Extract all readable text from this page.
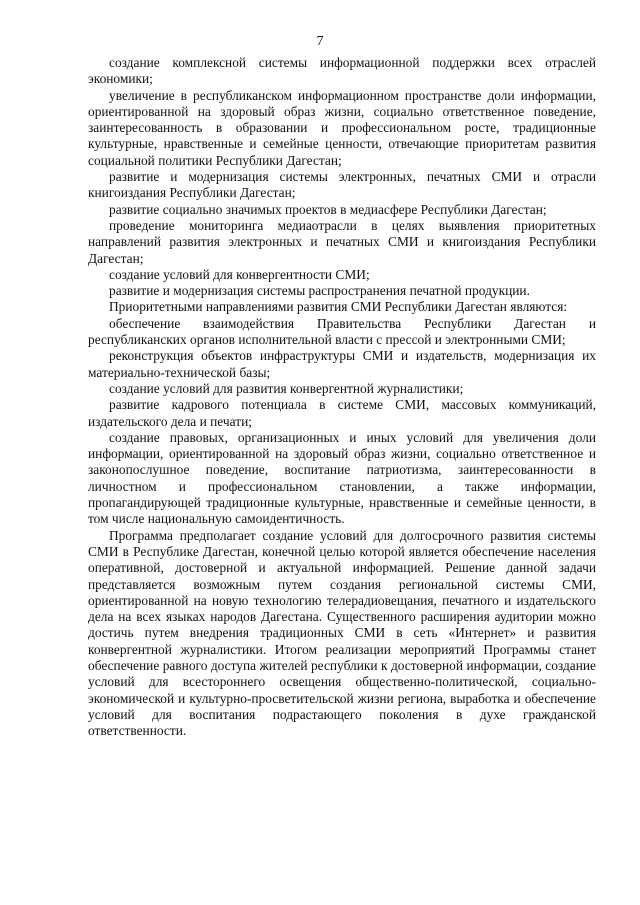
7

создание комплексной системы информационной поддержки всех отраслей экономики;

увеличение в республиканском информационном пространстве доли информации, ориентированной на здоровый образ жизни, социально ответственное поведение, заинтересованность в образовании и профессиональном росте, традиционные культурные, нравственные и семейные ценности, отвечающие приоритетам развития социальной политики Республики Дагестан;

развитие и модернизация системы электронных, печатных СМИ и отрасли книгоиздания Республики Дагестан;

развитие социально значимых проектов в медиасфере Республики Дагестан;

проведение мониторинга медиаотрасли в целях выявления приоритетных направлений развития электронных и печатных СМИ и книгоиздания Республики Дагестан;

создание условий для конвергентности СМИ;

развитие и модернизация системы распространения печатной продукции.

Приоритетными направлениями развития СМИ Республики Дагестан являются:

обеспечение взаимодействия Правительства Республики Дагестан и республиканских органов исполнительной власти с прессой и электронными СМИ;

реконструкция объектов инфраструктуры СМИ и издательств, модернизация их материально-технической базы;

создание условий для развития конвергентной журналистики;

развитие кадрового потенциала в системе СМИ, массовых коммуникаций, издательского дела и печати;

создание правовых, организационных и иных условий для увеличения доли информации, ориентированной на здоровый образ жизни, социально ответственное и законопослушное поведение, воспитание патриотизма, заинтересованности в личностном и профессиональном становлении, а также информации, пропагандирующей традиционные культурные, нравственные и семейные ценности, в том числе национальную самоидентичность.

Программа предполагает создание условий для долгосрочного развития системы СМИ в Республике Дагестан, конечной целью которой является обеспечение населения оперативной, достоверной и актуальной информацией. Решение данной задачи представляется возможным путем создания региональной системы СМИ, ориентированной на новую технологию телерадиовещания, печатного и издательского дела на всех языках народов Дагестана. Существенного расширения аудитории можно достичь путем внедрения традиционных СМИ в сеть «Интернет» и развития конвергентной журналистики. Итогом реализации мероприятий Программы станет обеспечение равного доступа жителей республики к достоверной информации, создание условий для всестороннего освещения общественно-политической, социально-экономической и культурно-просветительской жизни региона, выработка и обеспечение условий для воспитания подрастающего поколения в духе гражданской ответственности.
